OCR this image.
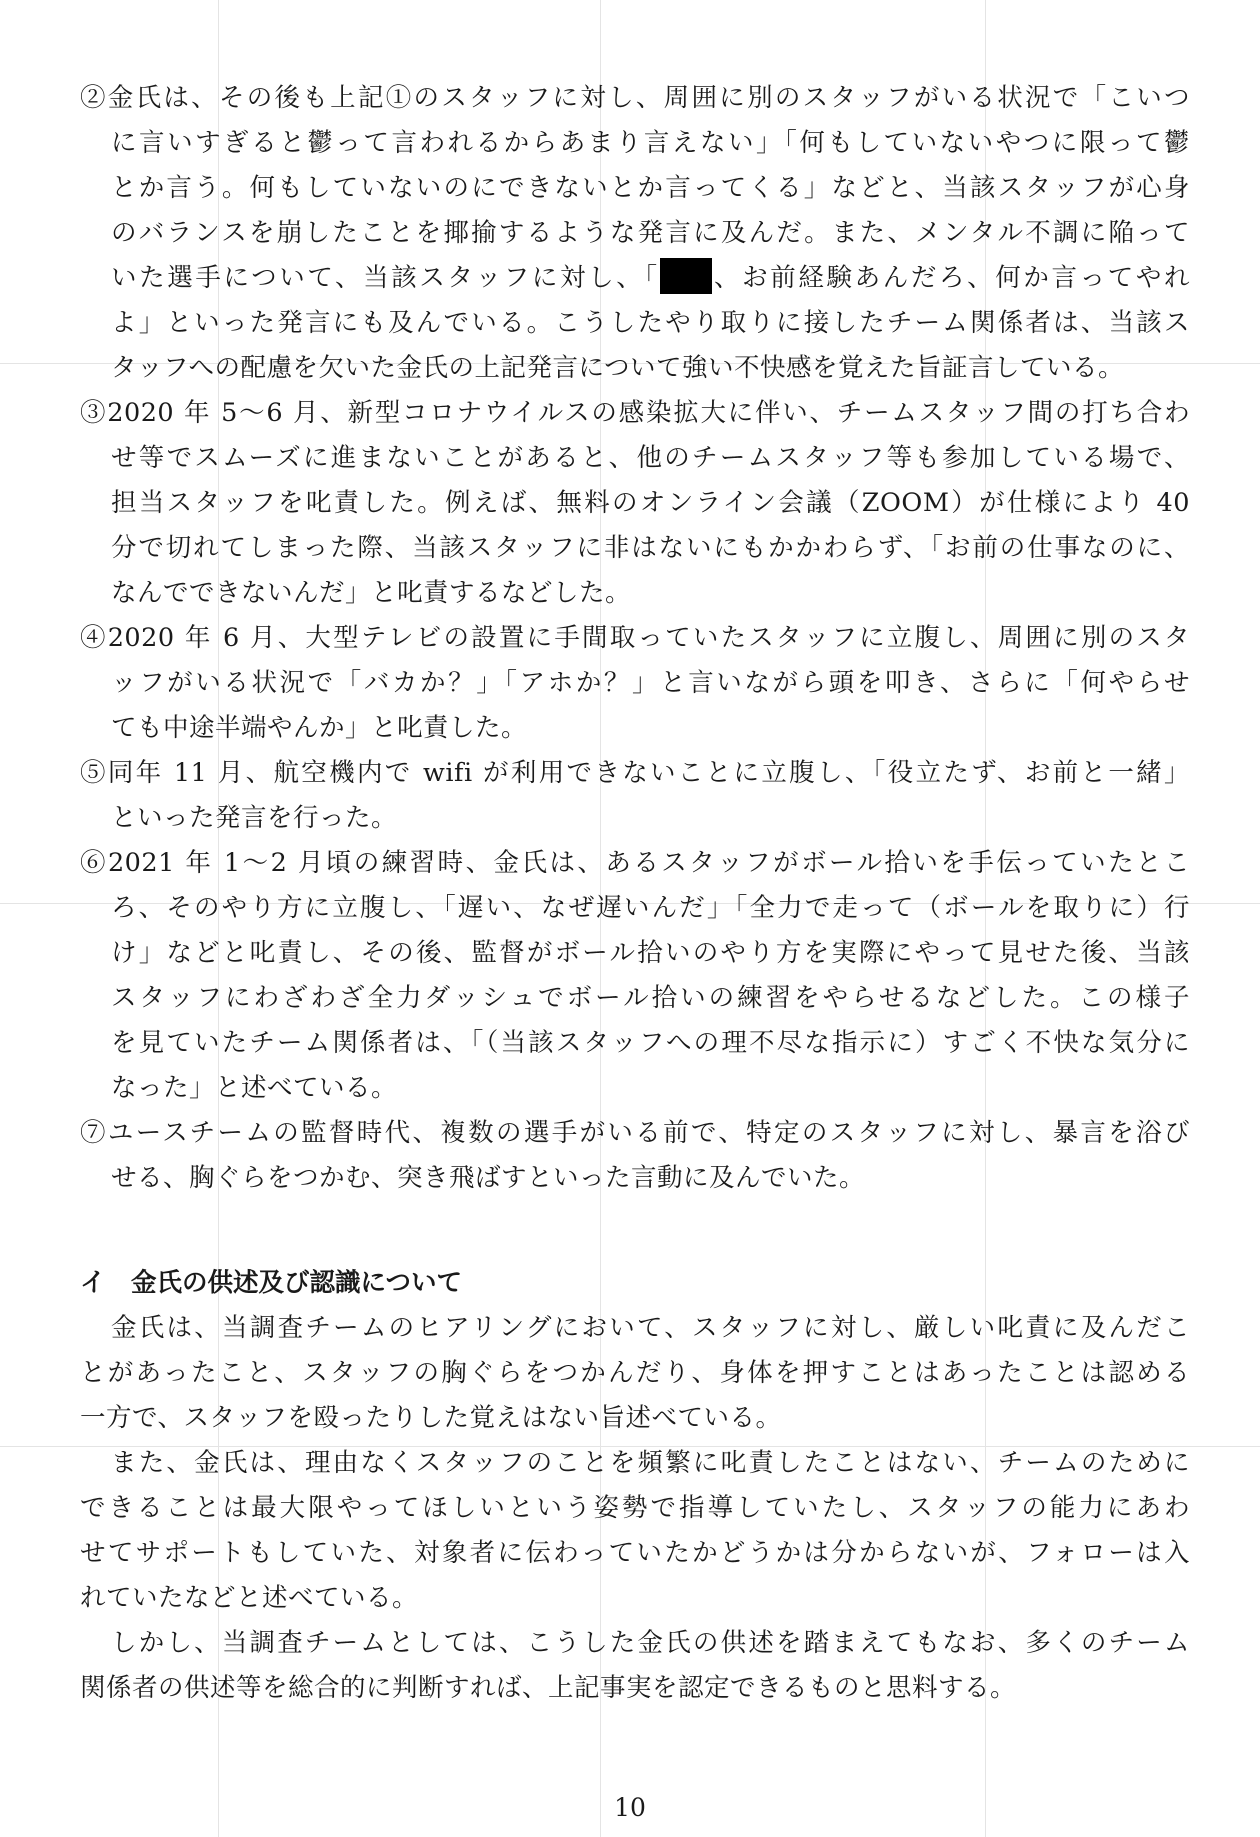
②金氏は、その後も上記①のスタッフに対し、周囲に別のスタッフがいる状況で「こいつ
に言いすぎると鬱って言われるからあまり言えない」「何もしていないやつに限って鬱
とか言う。何もしていないのにできないとか言ってくる」などと、当該スタッフが心身
のバランスを崩したことを揶揄するような発言に及んだ。また、メンタル不調に陥って
いた選手について、当該スタッフに対し、「 、お前経験あんだろ、何か言ってやれ
よ」といった発言にも及んでいる。こうしたやり取りに接したチーム関係者は、当該ス
タッフへの配慮を欠いた金氏の上記発言について強い不快感を覚えた旨証言している。
③2020 年 5～6 月、新型コロナウイルスの感染拡大に伴い、チームスタッフ間の打ち合わ
せ等でスムーズに進まないことがあると、他のチームスタッフ等も参加している場で、
担当スタッフを叱責した。例えば、無料のオンライン会議（ZOOM）が仕様により 40
分で切れてしまった際、当該スタッフに非はないにもかかわらず、「お前の仕事なのに、
なんでできないんだ」と叱責するなどした。
④2020 年 6 月、大型テレビの設置に手間取っていたスタッフに立腹し、周囲に別のスタ
ッフがいる状況で「バカか？」「アホか？」と言いながら頭を叩き、さらに「何やらせ
ても中途半端やんか」と叱責した。
⑤同年 11 月、航空機内で wifi が利用できないことに立腹し、「役立たず、お前と一緒」
といった発言を行った。
⑥2021 年 1～2 月頃の練習時、金氏は、あるスタッフがボール拾いを手伝っていたとこ
ろ、そのやり方に立腹し、「遅い、なぜ遅いんだ」「全力で走って（ボールを取りに）行
け」などと叱責し、その後、監督がボール拾いのやり方を実際にやって見せた後、当該
スタッフにわざわざ全力ダッシュでボール拾いの練習をやらせるなどした。この様子
を見ていたチーム関係者は、「（当該スタッフへの理不尽な指示に）すごく不快な気分に
なった」と述べている。
⑦ユースチームの監督時代、複数の選手がいる前で、特定のスタッフに対し、暴言を浴び
せる、胸ぐらをつかむ、突き飛ばすといった言動に及んでいた。
イ　金氏の供述及び認識について
金氏は、当調査チームのヒアリングにおいて、スタッフに対し、厳しい叱責に及んだこ
とがあったこと、スタッフの胸ぐらをつかんだり、身体を押すことはあったことは認める
一方で、スタッフを殴ったりした覚えはない旨述べている。
また、金氏は、理由なくスタッフのことを頻繁に叱責したことはない、チームのために
できることは最大限やってほしいという姿勢で指導していたし、スタッフの能力にあわ
せてサポートもしていた、対象者に伝わっていたかどうかは分からないが、フォローは入
れていたなどと述べている。
しかし、当調査チームとしては、こうした金氏の供述を踏まえてもなお、多くのチーム
関係者の供述等を総合的に判断すれば、上記事実を認定できるものと思料する。
10
